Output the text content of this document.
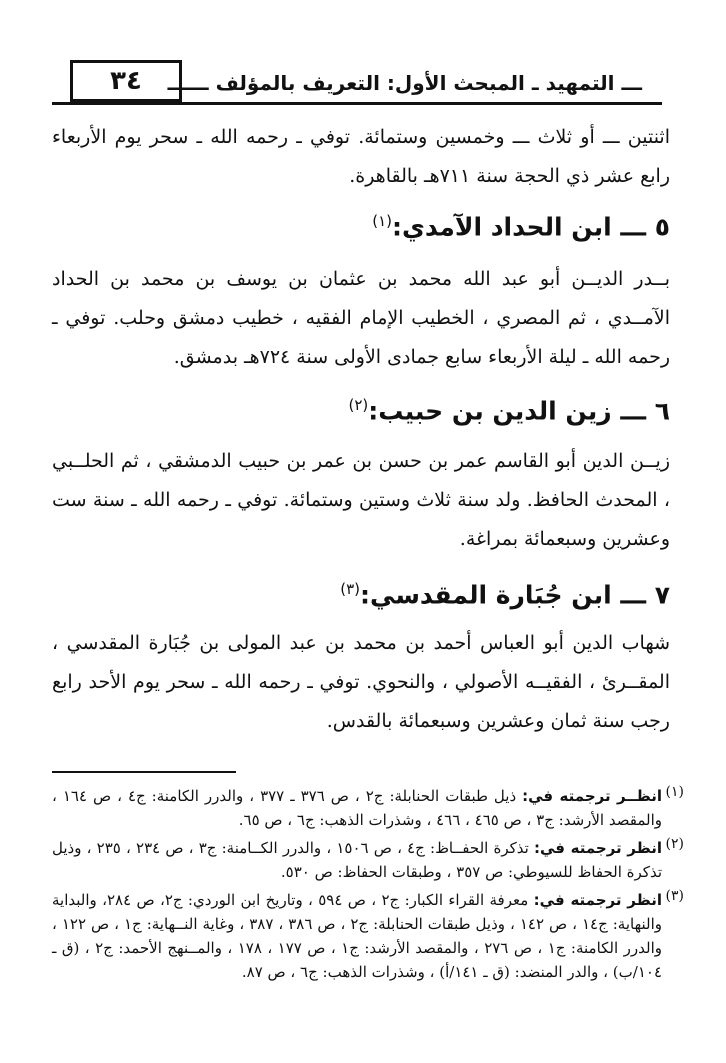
٣٤	ـــ التمهيد ـ المبحث الأول: التعريف بالمؤلف ــــــ

اثنتين ـــ أو ثلاث ـــ وخمسين وستمائة. توفي ـ رحمه الله ـ سحر يوم الأربعاء رابع عشر ذي الحجة سنة ٧١١هـ بالقاهرة.

٥ ـــ ابن الحداد الآمدي:$^{(١)}$

بــدر الديــن أبو عبد الله محمد بن عثمان بن يوسف بن محمد بن الحداد الآمــدي ، ثم المصري ، الخطيب الإمام الفقيه ، خطيب دمشق وحلب. توفي ـ رحمه الله ـ ليلة الأربعاء سابع جمادى الأولى سنة ٧٢٤هـ بدمشق.

٦ ـــ زين الدين بن حبيب:$^{(٢)}$

زيــن الدين أبو القاسم عمر بن حسن بن عمر بن حبيب الدمشقي ، ثم الحلــبي ، المحدث الحافظ. ولد سنة ثلاث وستين وستمائة. توفي ـ رحمه الله ـ سنة ست وعشرين وسبعمائة بمراغة.

٧ ـــ ابن جُبَارة المقدسي:$^{(٣)}$

شهاب الدين أبو العباس أحمد بن محمد بن عبد المولى بن جُبَارة المقدسي ، المقــرئ ، الفقيــه الأصولي ، والنحوي. توفي ـ رحمه الله ـ سحر يوم الأحد رابع رجب سنة ثمان وعشرين وسبعمائة بالقدس.

(١)

انظــر ترجمته في: ذيل طبقات الحنابلة: ج٢ ، ص ٣٧٦ ـ ٣٧٧ ، والدرر الكامنة: ج٤ ، ص ١٦٤ ، والمقصد الأرشد: ج٣ ، ص ٤٦٥ ، ٤٦٦ ، وشذرات الذهب: ج٦ ، ص ٦٥.

(٢)

انظر ترجمته في: تذكرة الحفــاظ: ج٤ ، ص ١٥٠٦ ، والدرر الكــامنة: ج٣ ، ص ٢٣٤ ، ٢٣٥ ، وذيل تذكرة الحفاظ للسيوطي: ص ٣٥٧ ، وطبقات الحفاظ: ص ٥٣٠.

(٣)

انظر ترجمته في: معرفة القراء الكبار: ج٢ ، ص ٥٩٤ ، وتاريخ ابن الوردي: ج٢، ص ٢٨٤، والبداية والنهاية: ج١٤ ، ص ١٤٢ ، وذيل طبقات الحنابلة: ج٢ ، ص ٣٨٦ ، ٣٨٧ ، وغاية النــهاية: ج١ ، ص ١٢٢ ، والدرر الكامنة: ج١ ، ص ٢٧٦ ، والمقصد الأرشد: ج١ ، ص ١٧٧ ، ١٧٨ ، والمــنهج الأحمد: ج٢ ، (ق ـ ١٠٤/ب) ، والدر المنضد: (ق ـ ١٤١/أ) ، وشذرات الذهب: ج٦ ، ص ٨٧.
